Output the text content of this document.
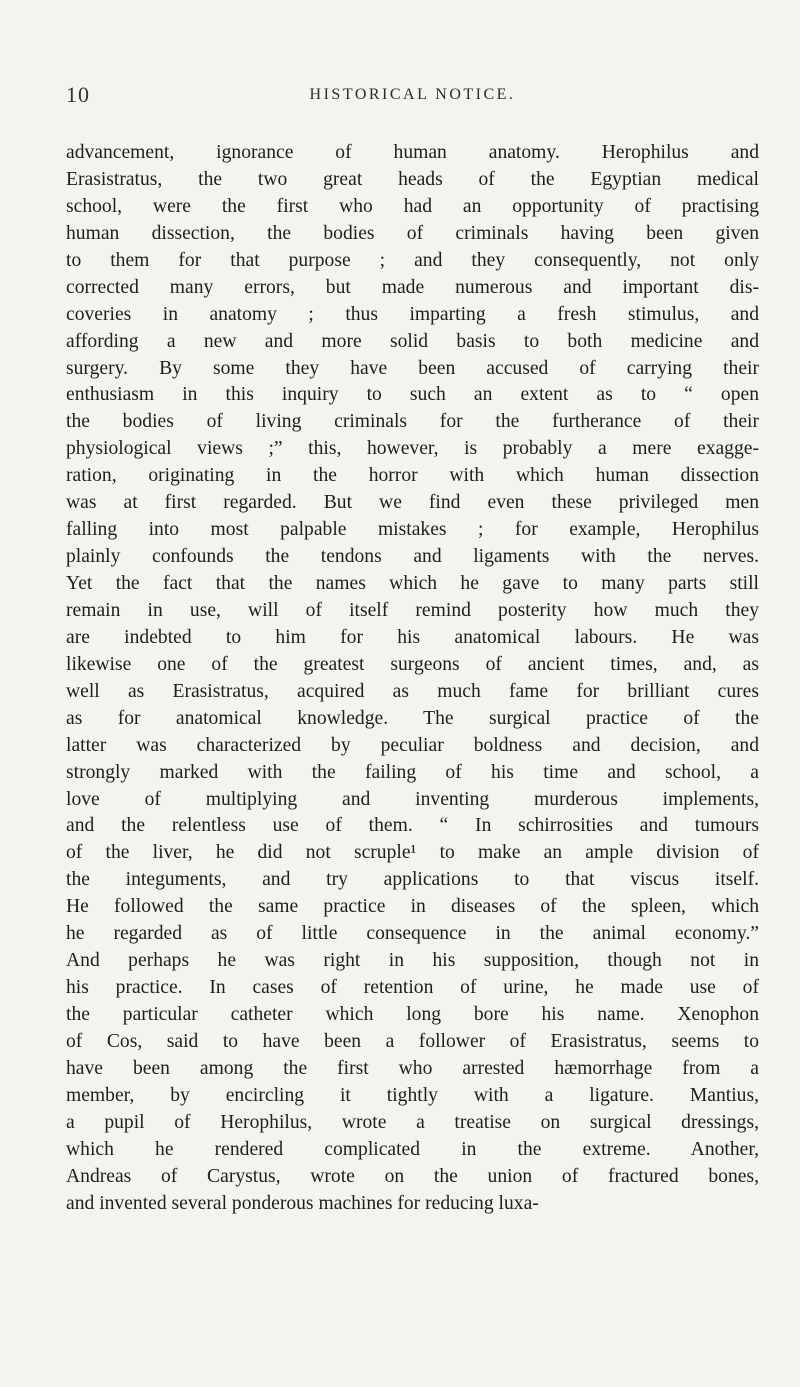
10	HISTORICAL NOTICE.
advancement, ignorance of human anatomy. Herophilus and
Erasistratus, the two great heads of the Egyptian medical
school, were the first who had an opportunity of practising
human dissection, the bodies of criminals having been given
to them for that purpose ; and they consequently, not only
corrected many errors, but made numerous and important dis-
coveries in anatomy ; thus imparting a fresh stimulus, and
affording a new and more solid basis to both medicine and
surgery. By some they have been accused of carrying their
enthusiasm in this inquiry to such an extent as to “ open
the bodies of living criminals for the furtherance of their
physiological views ;” this, however, is probably a mere exagge-
ration, originating in the horror with which human dissection
was at first regarded. But we find even these privileged men
falling into most palpable mistakes ; for example, Herophilus
plainly confounds the tendons and ligaments with the nerves.
Yet the fact that the names which he gave to many parts still
remain in use, will of itself remind posterity how much they
are indebted to him for his anatomical labours. He was
likewise one of the greatest surgeons of ancient times, and, as
well as Erasistratus, acquired as much fame for brilliant cures
as for anatomical knowledge. The surgical practice of the
latter was characterized by peculiar boldness and decision, and
strongly marked with the failing of his time and school, a
love of multiplying and inventing murderous implements,
and the relentless use of them. “ In schirrosities and tumours
of the liver, he did not scruple¹ to make an ample division of
the integuments, and try applications to that viscus itself.
He followed the same practice in diseases of the spleen, which
he regarded as of little consequence in the animal economy.”
And perhaps he was right in his supposition, though not in
his practice. In cases of retention of urine, he made use of
the particular catheter which long bore his name. Xenophon
of Cos, said to have been a follower of Erasistratus, seems to
have been among the first who arrested hæmorrhage from a
member, by encircling it tightly with a ligature. Mantius,
a pupil of Herophilus, wrote a treatise on surgical dressings,
which he rendered complicated in the extreme. Another,
Andreas of Carystus, wrote on the union of fractured bones,
and invented several ponderous machines for reducing luxa-
